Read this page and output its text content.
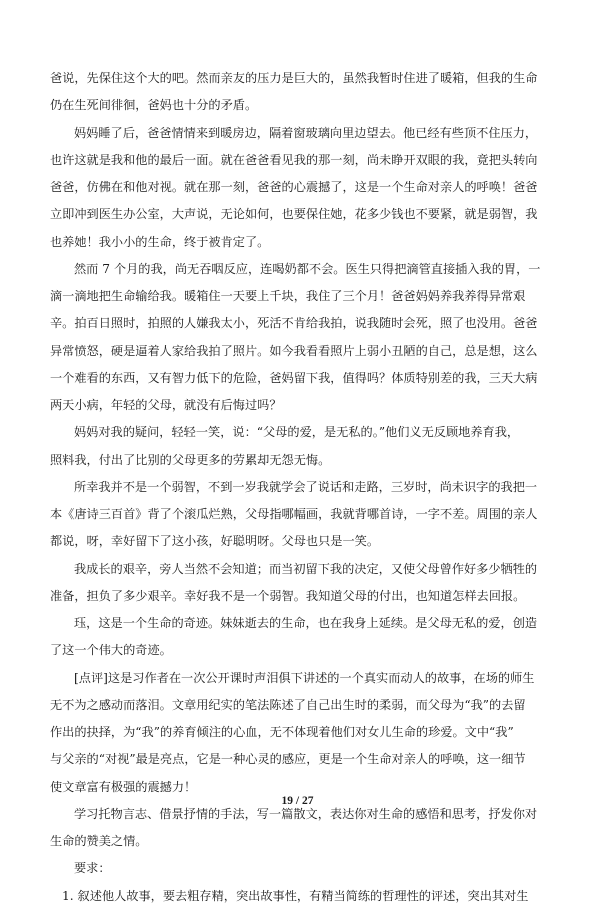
爸说，先保住这个大的吧。然而亲友的压力是巨大的，虽然我暂时住进了暖箱，但我的生命
仍在生死间徘徊，爸妈也十分的矛盾。
妈妈睡了后，爸爸情情来到暖房边，隔着窗玻璃向里边望去。他已经有些顶不住压力，
也许这就是我和他的最后一面。就在爸爸看见我的那一刻，尚未睁开双眼的我，竟把头转向
爸爸，仿佛在和他对视。就在那一刻，爸爸的心震撼了，这是一个生命对亲人的呼唤！爸爸
立即冲到医生办公室，大声说，无论如何，也要保住她，花多少钱也不要紧，就是弱智，我
也养她！我小小的生命，终于被肯定了。
然而 7 个月的我，尚无吞咽反应，连喝奶都不会。医生只得把滴管直接插入我的胃，一
滴一滴地把生命输给我。暖箱住一天要上千块，我住了三个月！爸爸妈妈养我养得异常艰
辛。拍百日照时，拍照的人嫌我太小，死活不肯给我拍，说我随时会死，照了也没用。爸爸
异常愤怒，硬是逼着人家给我拍了照片。如今我看看照片上弱小丑陋的自己，总是想，这么
一个难看的东西，又有智力低下的危险，爸妈留下我，值得吗？体质特别差的我，三天大病
两天小病，年轻的父母，就没有后悔过吗？
妈妈对我的疑问，轻轻一笑，说：“父母的爱，是无私的。”他们义无反顾地养育我，
照料我，付出了比别的父母更多的劳累却无怨无悔。
所幸我并不是一个弱智，不到一岁我就学会了说话和走路，三岁时，尚未识字的我把一
本《唐诗三百首》背了个滚瓜烂熟，父母指哪幅画，我就背哪首诗，一字不差。周围的亲人
都说，呀，幸好留下了这小孩，好聪明呀。父母也只是一笑。
我成长的艰辛，旁人当然不会知道；而当初留下我的决定，又使父母曾作好多少牺牲的
准备，担负了多少艰辛。幸好我不是一个弱智。我知道父母的付出，也知道怎样去回报。
珏，这是一个生命的奇迹。妹妹逝去的生命，也在我身上延续。是父母无私的爱，创造
了这一个伟大的奇迹。
[点评]这是习作者在一次公开课时声泪俱下讲述的一个真实而动人的故事，在场的师生
无不为之感动而落泪。文章用纪实的笔法陈述了自己出生时的柔弱，而父母为“我”的去留
作出的抉择，为“我”的养育倾注的心血，无不体现着他们对女儿生命的珍爱。文中“我”
与父亲的“对视”最是亮点，它是一种心灵的感应，更是一个生命对亲人的呼唤，这一细节
使文章富有极强的震撼力！
学习托物言志、借景抒情的手法，写一篇散文，表达你对生命的感悟和思考，抒发你对
生命的赞美之情。
要求：
1. 叙述他人故事，要去粗存精，突出故事性，有精当简练的哲理性的评述，突出其对生
19 / 27
